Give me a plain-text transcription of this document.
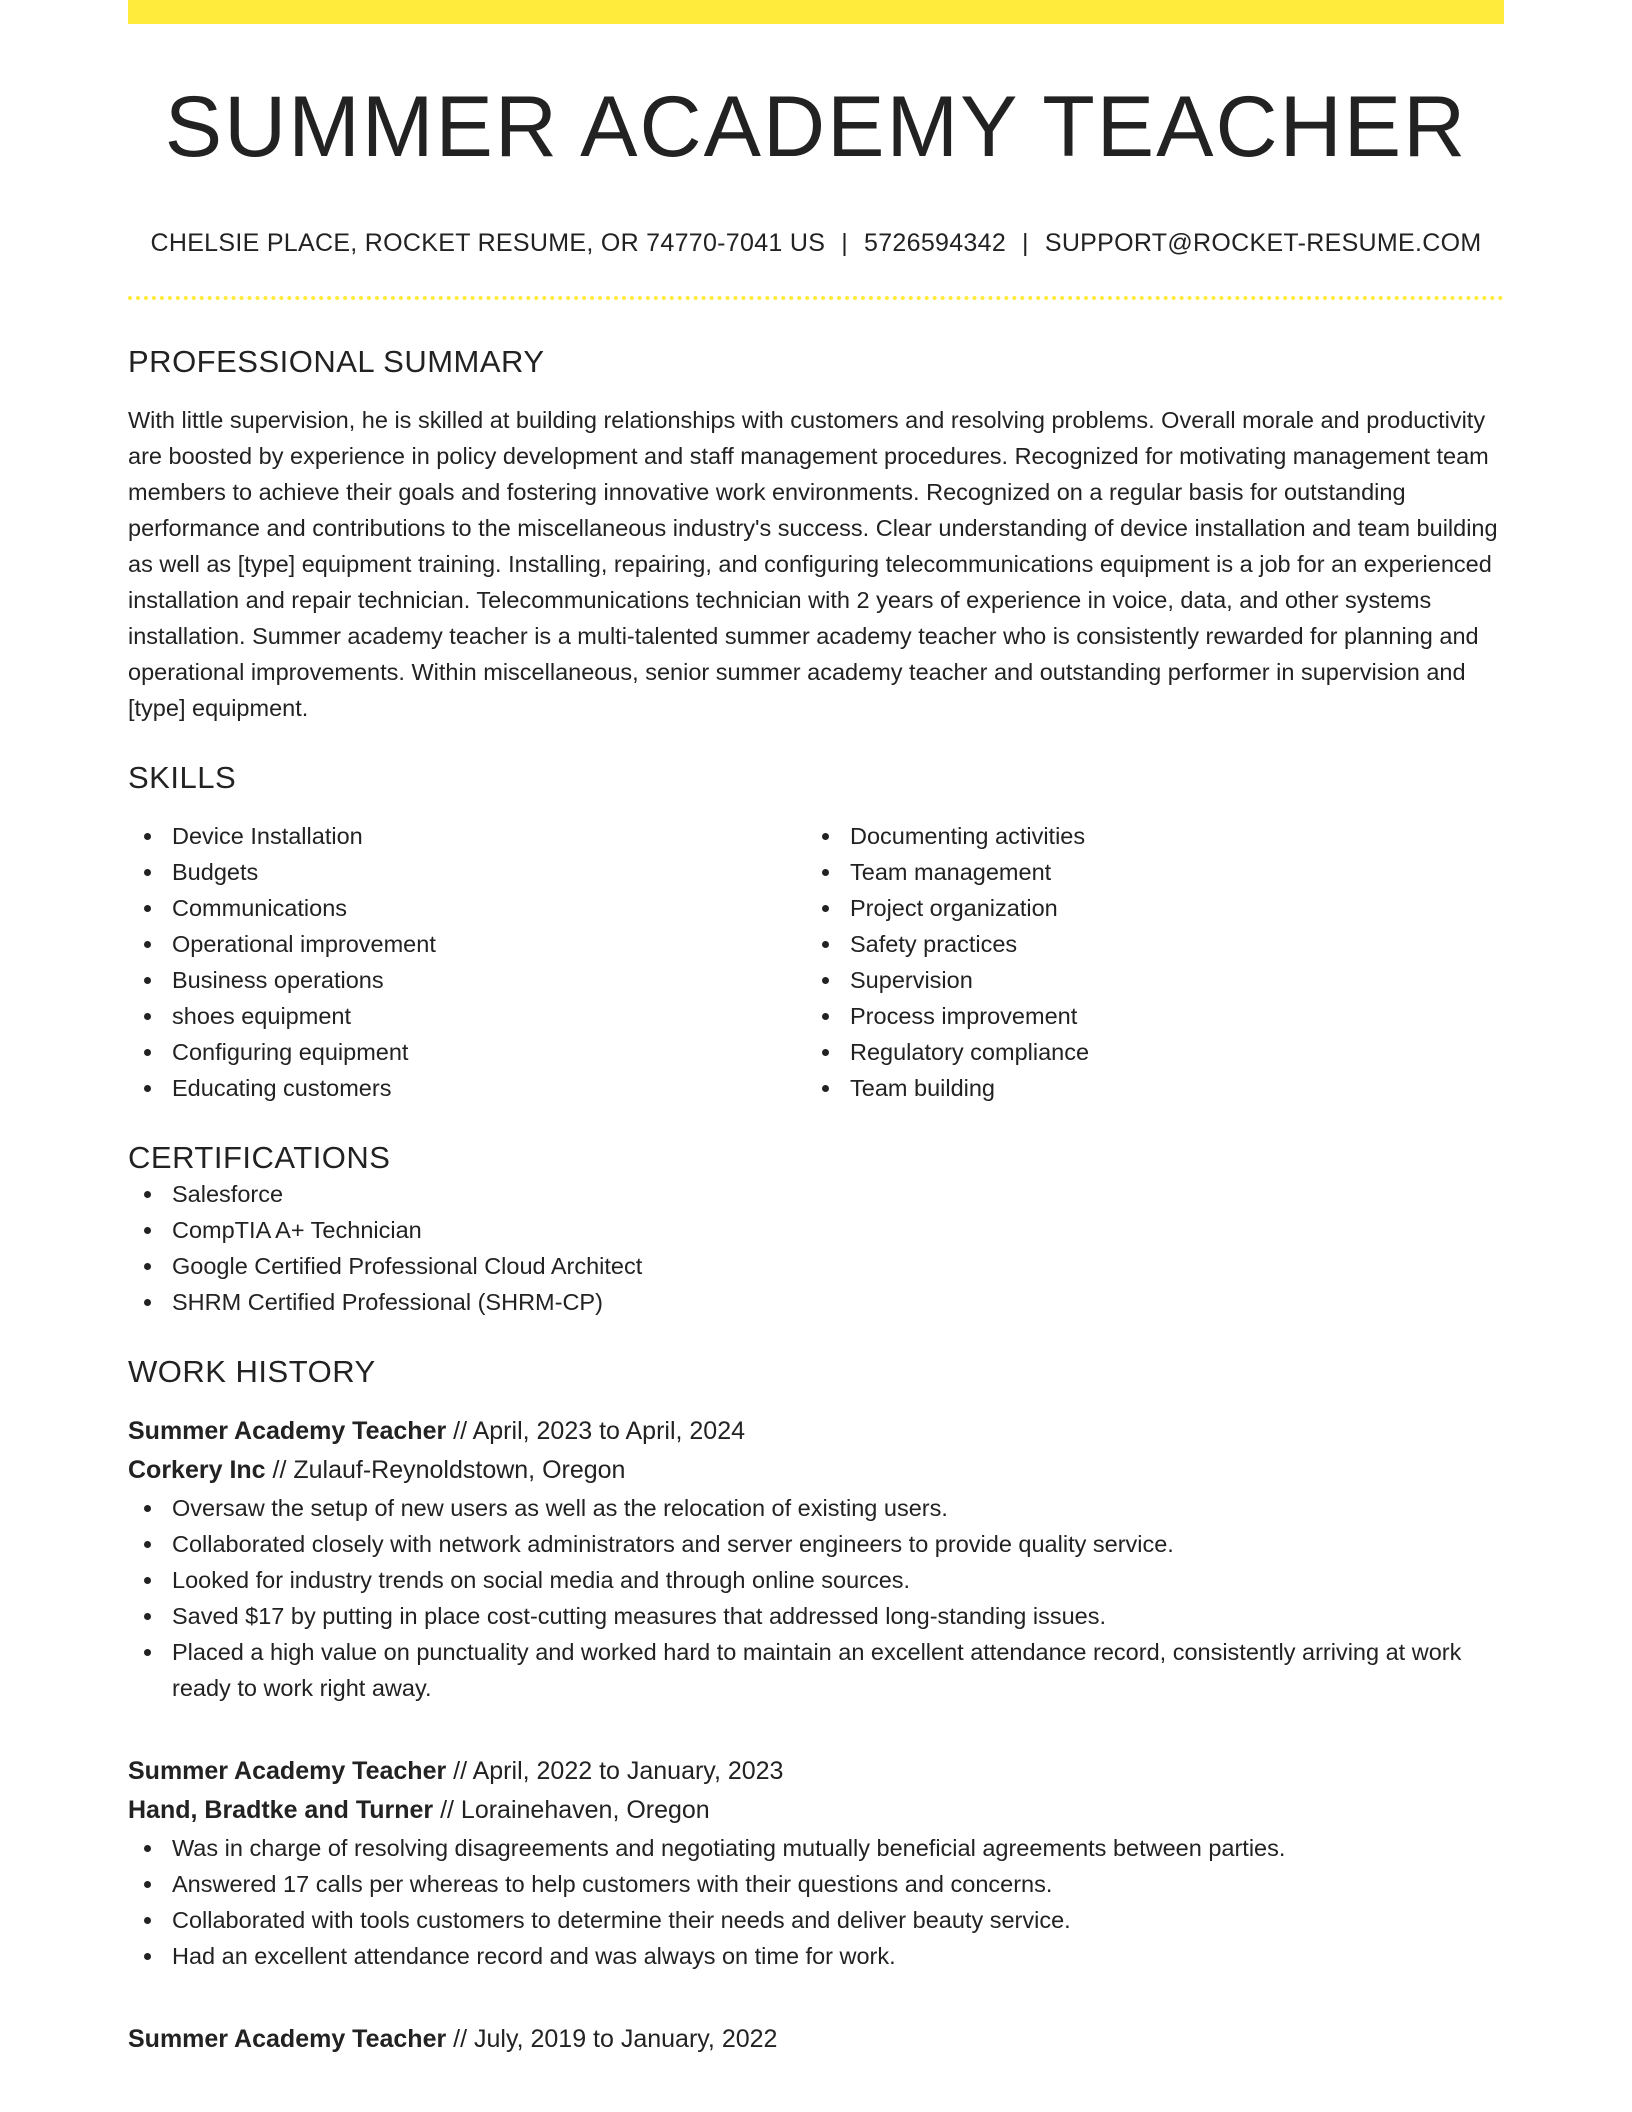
SUMMER ACADEMY TEACHER
CHELSIE PLACE, ROCKET RESUME, OR 74770-7041 US | 5726594342 | SUPPORT@ROCKET-RESUME.COM
PROFESSIONAL SUMMARY
With little supervision, he is skilled at building relationships with customers and resolving problems. Overall morale and productivity are boosted by experience in policy development and staff management procedures. Recognized for motivating management team members to achieve their goals and fostering innovative work environments. Recognized on a regular basis for outstanding performance and contributions to the miscellaneous industry's success. Clear understanding of device installation and team building as well as [type] equipment training. Installing, repairing, and configuring telecommunications equipment is a job for an experienced installation and repair technician. Telecommunications technician with 2 years of experience in voice, data, and other systems installation. Summer academy teacher is a multi-talented summer academy teacher who is consistently rewarded for planning and operational improvements. Within miscellaneous, senior summer academy teacher and outstanding performer in supervision and [type] equipment.
SKILLS
Device Installation
Budgets
Communications
Operational improvement
Business operations
shoes equipment
Configuring equipment
Educating customers
Documenting activities
Team management
Project organization
Safety practices
Supervision
Process improvement
Regulatory compliance
Team building
CERTIFICATIONS
Salesforce
CompTIA A+ Technician
Google Certified Professional Cloud Architect
SHRM Certified Professional (SHRM-CP)
WORK HISTORY
Summer Academy Teacher // April, 2023 to April, 2024
Corkery Inc // Zulauf-Reynoldstown, Oregon
Oversaw the setup of new users as well as the relocation of existing users.
Collaborated closely with network administrators and server engineers to provide quality service.
Looked for industry trends on social media and through online sources.
Saved $17 by putting in place cost-cutting measures that addressed long-standing issues.
Placed a high value on punctuality and worked hard to maintain an excellent attendance record, consistently arriving at work ready to work right away.
Summer Academy Teacher // April, 2022 to January, 2023
Hand, Bradtke and Turner // Lorainehaven, Oregon
Was in charge of resolving disagreements and negotiating mutually beneficial agreements between parties.
Answered 17 calls per whereas to help customers with their questions and concerns.
Collaborated with tools customers to determine their needs and deliver beauty service.
Had an excellent attendance record and was always on time for work.
Summer Academy Teacher // July, 2019 to January, 2022
